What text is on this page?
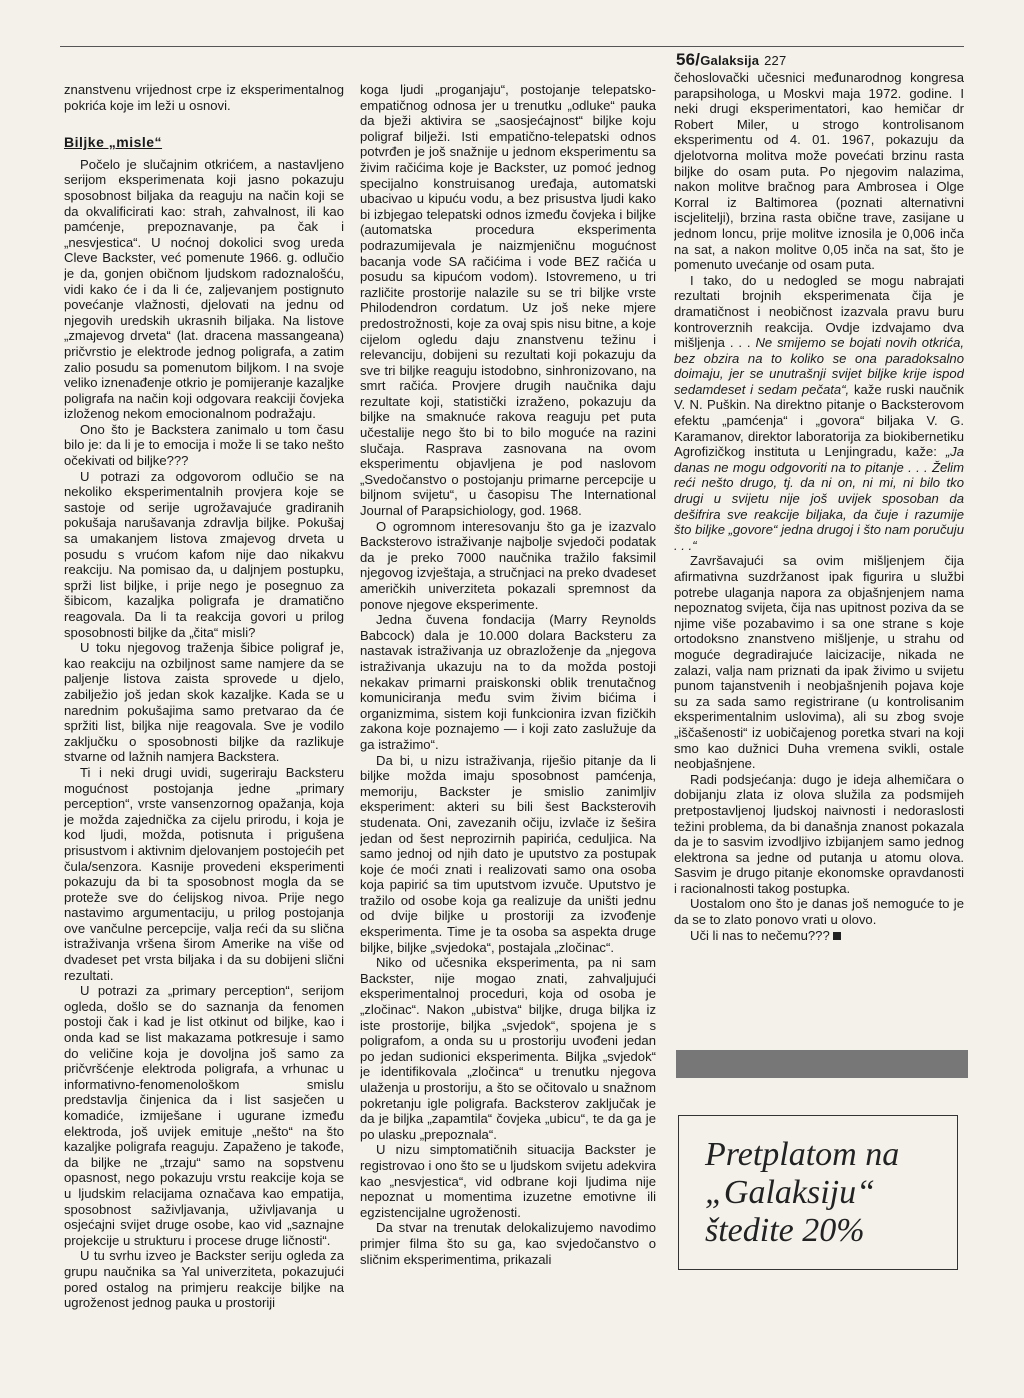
56/Galaksija 227

znanstvenu vrijednost crpe iz eksperimentalnog pokrića koje im leži u osnovi.

Biljke „misle“

Počelo je slučajnim otkrićem, a nastavljeno serijom eksperimenata koji jasno pokazuju sposobnost biljaka da reaguju na način koji se da okvalificirati kao: strah, zahvalnost, ili kao pamćenje, prepoznavanje, pa čak i „nesvjestica“. U noćnoj dokolici svog ureda Cleve Backster, već pomenute 1966. g. odlučio je da, gonjen običnom ljudskom radoznalošću, vidi kako će i da li će, zaljevanjem postignuto povećanje vlažnosti, djelovati na jednu od njegovih uredskih ukrasnih biljaka. Na listove „zmajevog drveta“ (lat. dracena massangeana) pričvrstio je elektrode jednog poligrafa, a zatim zalio posudu sa pomenutom biljkom. I na svoje veliko iznenađenje otkrio je pomijeranje kazaljke poligrafa na način koji odgovara reakciji čovjeka izloženog nekom emocionalnom podražaju.

Ono što je Backstera zanimalo u tom času bilo je: da li je to emocija i može li se tako nešto očekivati od biljke???

U potrazi za odgovorom odlučio se na nekoliko eksperimentalnih provjera koje se sastoje od serije ugrožavajuće gradiranih pokušaja narušavanja zdravlja biljke. Pokušaj sa umakanjem listova zmajevog drveta u posudu s vrućom kafom nije dao nikakvu reakciju. Na pomisao da, u daljnjem postupku, sprži list biljke, i prije nego je posegnuo za šibicom, kazaljka poligrafa je dramatično reagovala. Da li ta reakcija govori u prilog sposobnosti biljke da „čita“ misli?

U toku njegovog traženja šibice poligraf je, kao reakciju na ozbiljnost same namjere da se paljenje listova zaista sprovede u djelo, zabilježio još jedan skok kazaljke. Kada se u narednim pokušajima samo pretvarao da će spržiti list, biljka nije reagovala. Sve je vodilo zaključku o sposobnosti biljke da razlikuje stvarne od lažnih namjera Backstera.

Ti i neki drugi uvidi, sugeriraju Backsteru mogućnost postojanja jedne „primary perception“, vrste vansenzornog opažanja, koja je možda zajednička za cijelu prirodu, i koja je kod ljudi, možda, potisnuta i prigušena prisustvom i aktivnim djelovanjem postojećih pet čula/senzora. Kasnije provedeni eksperimenti pokazuju da bi ta sposobnost mogla da se proteže sve do ćelijskog nivoa. Prije nego nastavimo argumentaciju, u prilog postojanja ove vančulne percepcije, valja reći da su slična istraživanja vršena širom Amerike na više od dvadeset pet vrsta biljaka i da su dobijeni slični rezultati.

U potrazi za „primary perception“, serijom ogleda, došlo se do saznanja da fenomen postoji čak i kad je list otkinut od biljke, kao i onda kad se list makazama potkresuje i samo do veličine koja je dovoljna još samo za pričvršćenje elektroda poligrafa, a vrhunac u informativno-fenomenološkom smislu predstavlja činjenica da i list sasječen u komadiće, izmiješane i ugurane između elektroda, još uvijek emituje „nešto“ na što kazaljke poligrafa reaguju. Zapaženo je takođe, da biljke ne „trzaju“ samo na sopstvenu opasnost, nego pokazuju vrstu reakcije koja se u ljudskim relacijama označava kao empatija, sposobnost saživljavanja, uživljavanja u osjećajni svijet druge osobe, kao vid „saznajne projekcije u strukturu i procese druge ličnosti“.

U tu svrhu izveo je Backster seriju ogleda za grupu naučnika sa Yal univerziteta, pokazujući pored ostalog na primjeru reakcije biljke na ugroženost jednog pauka u prostoriji

koga ljudi „proganjaju“, postojanje telepatsko-empatičnog odnosa jer u trenutku „odluke“ pauka da bježi aktivira se „saosjećajnost“ biljke koju poligraf bilježi. Isti empatično-telepatski odnos potvrđen je još snažnije u jednom eksperimentu sa živim račićima koje je Backster, uz pomoć jednog specijalno konstruisanog uređaja, automatski ubacivao u kipuću vodu, a bez prisustva ljudi kako bi izbjegao telepatski odnos između čovjeka i biljke (automatska procedura eksperimenta podrazumijevala je naizmjeničnu mogućnost bacanja vode SA račićima i vode BEZ račića u posudu sa kipućom vodom). Istovremeno, u tri različite prostorije nalazile su se tri biljke vrste Philodendron cordatum. Uz još neke mjere predostrožnosti, koje za ovaj spis nisu bitne, a koje cijelom ogledu daju znanstvenu težinu i relevanciju, dobijeni su rezultati koji pokazuju da sve tri biljke reaguju istodobno, sinhronizovano, na smrt račića. Provjere drugih naučnika daju rezultate koji, statistički izraženo, pokazuju da biljke na smaknuće rakova reaguju pet puta učestalije nego što bi to bilo moguće na razini slučaja. Rasprava zasnovana na ovom eksperimentu objavljena je pod naslovom „Svedočanstvo o postojanju primarne percepcije u biljnom svijetu“, u časopisu The International Journal of Parapsichiology, god. 1968.

O ogromnom interesovanju što ga je izazvalo Backsterovo istraživanje najbolje svjedoči podatak da je preko 7000 naučnika tražilo faksimil njegovog izvještaja, a stručnjaci na preko dvadeset američkih univerziteta pokazali spremnost da ponove njegove eksperimente.

Jedna čuvena fondacija (Marry Reynolds Babcock) dala je 10.000 dolara Backsteru za nastavak istraživanja uz obrazloženje da „njegova istraživanja ukazuju na to da možda postoji nekakav primarni praiskonski oblik trenutačnog komuniciranja među svim živim bićima i organizmima, sistem koji funkcionira izvan fizičkih zakona koje poznajemo — i koji zato zaslužuje da ga istražimo“.

Da bi, u nizu istraživanja, riješio pitanje da li biljke možda imaju sposobnost pamćenja, memoriju, Backster je smislio zanimljiv eksperiment: akteri su bili šest Backsterovih studenata. Oni, zavezanih očiju, izvlače iz šešira jedan od šest neprozirnih papirića, ceduljica. Na samo jednoj od njih dato je uputstvo za postupak koje će moći znati i realizovati samo ona osoba koja papirić sa tim uputstvom izvuče. Uputstvo je tražilo od osobe koja ga realizuje da uništi jednu od dvije biljke u prostoriji za izvođenje eksperimenta. Time je ta osoba sa aspekta druge biljke, biljke „svjedoka“, postajala „zločinac“.

Niko od učesnika eksperimenta, pa ni sam Backster, nije mogao znati, zahvaljujući eksperimentalnoj proceduri, koja od osoba je „zločinac“. Nakon „ubistva“ biljke, druga biljka iz iste prostorije, biljka „svjedok“, spojena je s poligrafom, a onda su u prostoriju uvođeni jedan po jedan sudionici eksperimenta. Biljka „svjedok“ je identifikovala „zločinca“ u trenutku njegova ulaženja u prostoriju, a što se očitovalo u snažnom pokretanju igle poligrafa. Backsterov zaključak je da je biljka „zapamtila“ čovjeka „ubicu“, te da ga je po ulasku „prepoznala“.

U nizu simptomatičnih situacija Backster je registrovao i ono što se u ljudskom svijetu adekvira kao „nesvjestica“, vid odbrane koji ljudima nije nepoznat u momentima izuzetne emotivne ili egzistencijalne ugroženosti.

Da stvar na trenutak delokalizujemo navodimo primjer filma što su ga, kao svjedočanstvo o sličnim eksperimentima, prikazali

čehoslovački učesnici međunarodnog kongresa parapsihologa, u Moskvi maja 1972. godine. I neki drugi eksperimentatori, kao hemičar dr Robert Miler, u strogo kontrolisanom eksperimentu od 4. 01. 1967, pokazuju da djelotvorna molitva može povećati brzinu rasta biljke do osam puta. Po njegovim nalazima, nakon molitve bračnog para Ambrosea i Olge Korral iz Baltimorea (poznati alternativni iscjelitelji), brzina rasta obične trave, zasijane u jednom loncu, prije molitve iznosila je 0,006 inča na sat, a nakon molitve 0,05 inča na sat, što je pomenuto uvećanje od osam puta.

I tako, do u nedogled se mogu nabrajati rezultati brojnih eksperimenata čija je dramatičnost i neobičnost izazvala pravu buru kontroverznih reakcija. Ovdje izdvajamo dva mišljenja . . . Ne smijemo se bojati novih otkrića, bez obzira na to koliko se ona paradoksalno doimaju, jer se unutrašnji svijet biljke krije ispod sedamdeset i sedam pečata“, kaže ruski naučnik V. N. Puškin. Na direktno pitanje o Backsterovom efektu „pamćenja“ i „govora“ biljaka V. G. Karamanov, direktor laboratorija za biokibernetiku Agrofizičkog instituta u Lenjingradu, kaže: „Ja danas ne mogu odgovoriti na to pitanje . . . Želim reći nešto drugo, tj. da ni on, ni mi, ni bilo tko drugi u svijetu nije još uvijek sposoban da dešifrira sve reakcije biljaka, da čuje i razumije što biljke „govore“ jedna drugoj i što nam poručuju . . .“

Završavajući sa ovim mišljenjem čija afirmativna suzdržanost ipak figurira u službi potrebe ulaganja napora za objašnjenjem nama nepoznatog svijeta, čija nas upitnost poziva da se njime više pozabavimo i sa one strane s koje ortodoksno znanstveno mišljenje, u strahu od moguće degradirajuće laicizacije, nikada ne zalazi, valja nam priznati da ipak živimo u svijetu punom tajanstvenih i neobjašnjenih pojava koje su za sada samo registrirane (u kontrolisanim eksperimentalnim uslovima), ali su zbog svoje „iščašenosti“ iz uobičajenog poretka stvari na koji smo kao dužnici Duha vremena svikli, ostale neobjašnjene.

Radi podsjećanja: dugo je ideja alhemičara o dobijanju zlata iz olova služila za podsmijeh pretpostavljenoj ljudskoj naivnosti i nedoraslosti težini problema, da bi današnja znanost pokazala da je to sasvim izvodljivo izbijanjem samo jednog elektrona sa jedne od putanja u atomu olova. Sasvim je drugo pitanje ekonomske opravdanosti i racionalnosti takog postupka.

Uostalom ono što je danas još nemoguće to je da se to zlato ponovo vrati u olovo.

Uči li nas to nečemu???

Pretplatom na
„Galaksiju“
štedite 20%
